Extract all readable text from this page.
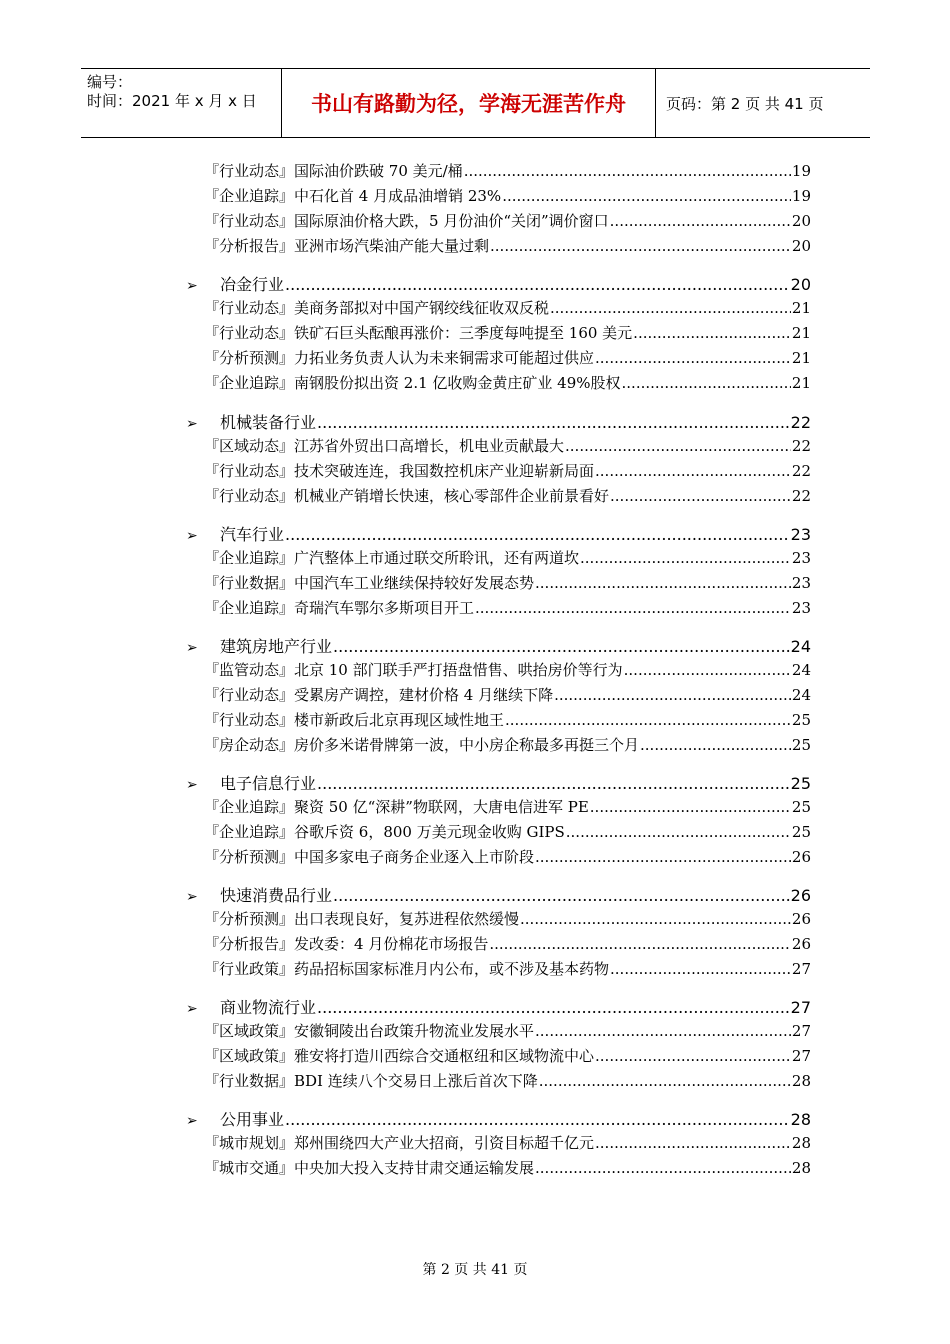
编号：
时间：2021 年 x 月 x 日	书山有路勤为径，学海无涯苦作舟	页码：第 2 页 共 41 页
『行业动态』国际油价跌破 70 美元/桶 .....	19
『企业追踪』中石化首 4 月成品油增销 23% .....	19
『行业动态』国际原油价格大跌，5 月份油价“关闭”调价窗口 .....	20
『分析报告』亚洲市场汽柴油产能大量过剩 .....	20
➢	冶金行业 .....	20
『行业动态』美商务部拟对中国产钢绞线征收双反税 .....	21
『行业动态』铁矿石巨头酝酿再涨价：三季度每吨提至 160 美元 .....	21
『分析预测』力拓业务负责人认为未来铜需求可能超过供应 .....	21
『企业追踪』南钢股份拟出资 2.1 亿收购金黄庄矿业 49%股权 .....	21
➢	机械装备行业 .....	22
『区域动态』江苏省外贸出口高增长，机电业贡献最大 .....	22
『行业动态』技术突破连连，我国数控机床产业迎崭新局面 .....	22
『行业动态』机械业产销增长快速，核心零部件企业前景看好 .....	22
➢	汽车行业 .....	23
『企业追踪』广汽整体上市通过联交所聆讯，还有两道坎 .....	23
『行业数据』中国汽车工业继续保持较好发展态势 .....	23
『企业追踪』奇瑞汽车鄂尔多斯项目开工 .....	23
➢	建筑房地产行业 .....	24
『监管动态』北京 10 部门联手严打捂盘惜售、哄抬房价等行为 .....	24
『行业动态』受累房产调控，建材价格 4 月继续下降 .....	24
『行业动态』楼市新政后北京再现区域性地王 .....	25
『房企动态』房价多米诺骨牌第一波，中小房企称最多再挺三个月 .....	25
➢	电子信息行业 .....	25
『企业追踪』聚资 50 亿“深耕”物联网，大唐电信进军 PE .....	25
『企业追踪』谷歌斥资 6，800 万美元现金收购 GIPS .....	25
『分析预测』中国多家电子商务企业逐入上市阶段 .....	26
➢	快速消费品行业 .....	26
『分析预测』出口表现良好，复苏进程依然缓慢 .....	26
『分析报告』发改委：4 月份棉花市场报告 .....	26
『行业政策』药品招标国家标准月内公布，或不涉及基本药物 .....	27
➢	商业物流行业 .....	27
『区域政策』安徽铜陵出台政策升物流业发展水平 .....	27
『区域政策』雅安将打造川西综合交通枢纽和区域物流中心 .....	27
『行业数据』BDI 连续八个交易日上涨后首次下降 .....	28
➢	公用事业 .....	28
『城市规划』郑州围绕四大产业大招商，引资目标超千亿元 .....	28
『城市交通』中央加大投入支持甘肃交通运输发展 .....	28
第 2 页 共 41 页
